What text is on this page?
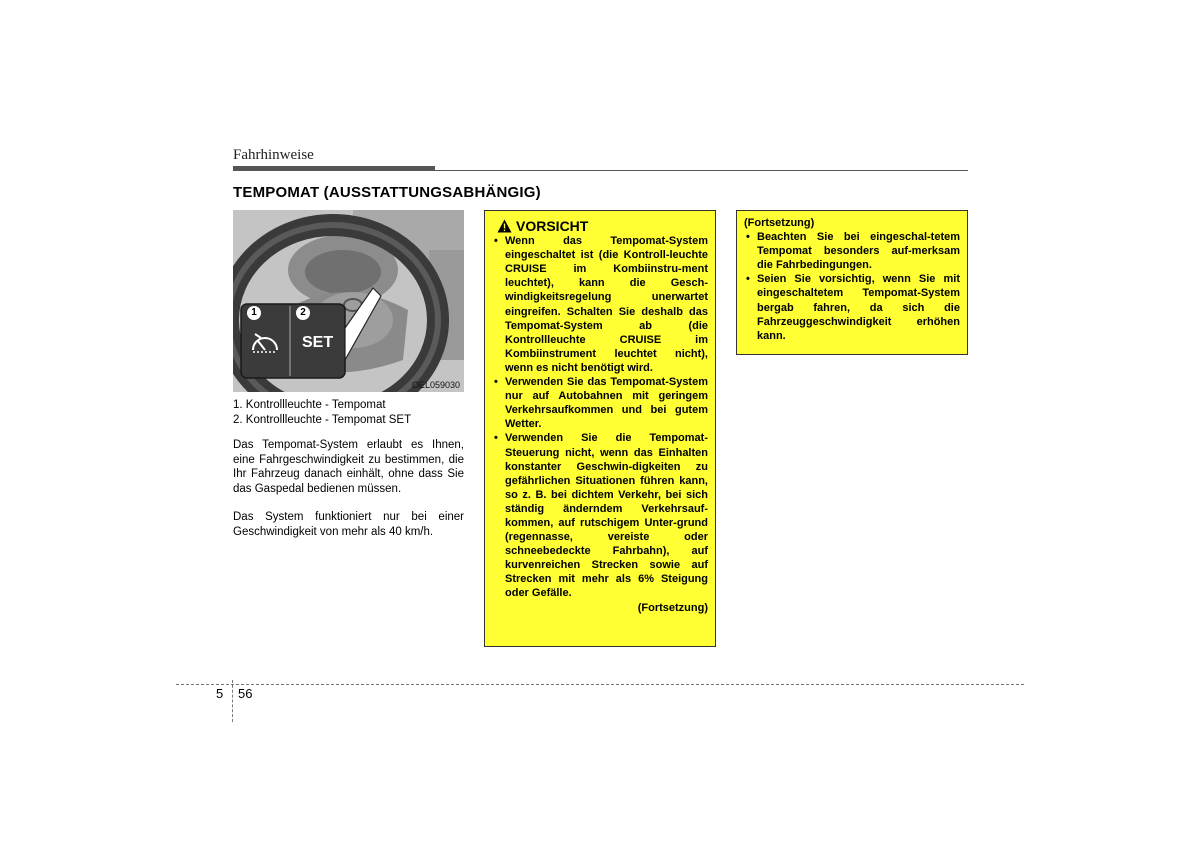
Fahrhinweise
TEMPOMAT (AUSSTATTUNGSABHÄNGIG)
1	2
SET
OEL059030
1. Kontrollleuchte - Tempomat
2. Kontrollleuchte - Tempomat SET
Das Tempomat-System erlaubt es Ihnen, eine Fahrgeschwindigkeit zu bestimmen, die Ihr Fahrzeug danach einhält, ohne dass Sie das Gaspedal bedienen müssen.
Das System funktioniert nur bei einer Geschwindigkeit von mehr als 40 km/h.
VORSICHT
• Wenn das Tempomat-System eingeschaltet ist (die Kontroll-leuchte CRUISE im Kombiinstru-ment leuchtet), kann die Gesch-windigkeitsregelung unerwartet eingreifen. Schalten Sie deshalb das Tempomat-System ab (die Kontrollleuchte CRUISE im Kombiinstrument leuchtet nicht), wenn es nicht benötigt wird.
• Verwenden Sie das Tempomat-System nur auf Autobahnen mit geringem Verkehrsaufkommen und bei gutem Wetter.
• Verwenden Sie die Tempomat-Steuerung nicht, wenn das Einhalten konstanter Geschwin-digkeiten zu gefährlichen Situationen führen kann, so z. B. bei dichtem Verkehr, bei sich ständig änderndem Verkehrsauf-kommen, auf rutschigem Unter-grund (regennasse, vereiste oder schneebedeckte Fahrbahn), auf kurvenreichen Strecken sowie auf Strecken mit mehr als 6% Steigung oder Gefälle.
(Fortsetzung)
(Fortsetzung)
• Beachten Sie bei eingeschal-tetem Tempomat besonders auf-merksam die Fahrbedingungen.
• Seien Sie vorsichtig, wenn Sie mit eingeschaltetem Tempomat-System bergab fahren, da sich die Fahrzeuggeschwindigkeit erhöhen kann.
5 56
